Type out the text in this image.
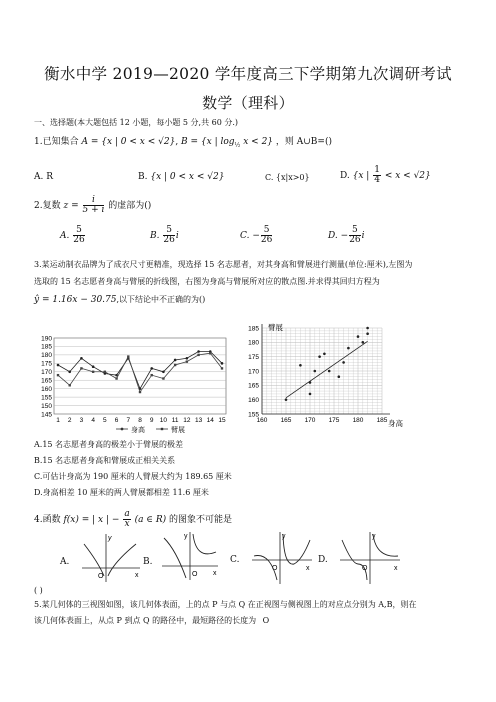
衡水中学 2019—2020 学年度高三下学期第九次调研考试
数学（理科）
一、选择题(本大题包括 12 小题，每小题 5 分,共 60 分.)
1.已知集合 A = {x | 0 < x < √2}, B = {x | $\log_{\frac{1}{2}} x < 2$} ，则 A∪B=()
A. R	B. {x | 0 < x < √2}	C. {x|x>0}	D. {x | $\frac{1}{4} < x < √2$}
2.复数 $z = \frac{i}{5 + i}$ 的虚部为()
A. $\frac{5}{26}$	B. $\frac{5}{26}$ i	C. − $\frac{5}{26}$	D. − $\frac{5}{26}$ i
3.某运动制衣品牌为了成衣尺寸更精准，现选择 15 名志愿者，对其身高和臂展进行测量(单位:厘米),左图为
选取的 15 名志愿者身高与臂展的折线图，右图为身高与臂展所对应的散点图.并求得其回归方程为
ŷ = 1.16x − 30.75,以下结论中不正确的为()
190
185
180
175
170
165
160
155
150
145
1 2 3 4 5 6 7 8 9 10 11 12 13 14 15
身高	臂展
185
180
175
170
165
160
155
160 165 170 175 180 185
臂展
身高
A.15 名志愿者身高的极差小于臂展的极差
B.15 名志愿者身高和臂展成正相关关系
C.可估计身高为 190 厘米的人臂展大约为 189.65 厘米
D.身高相差 10 厘米的两人臂展都相差 11.6 厘米
4.函数 f(x) = | x | − $\frac{a}{x} (a$ ∈ R) 的图象不可能是
A.
y
x
O
B.
y
x
O
C.
y
x
O
D.
y
x
O
( )
5.某几何体的三视图如图，该几何体表面，上的点 P 与点 Q 在正视图与侧视图上的对应点分别为 A,B，则在
该几何体表面上，从点 P 到点 Q 的路径中，最短路径的长度为 O
